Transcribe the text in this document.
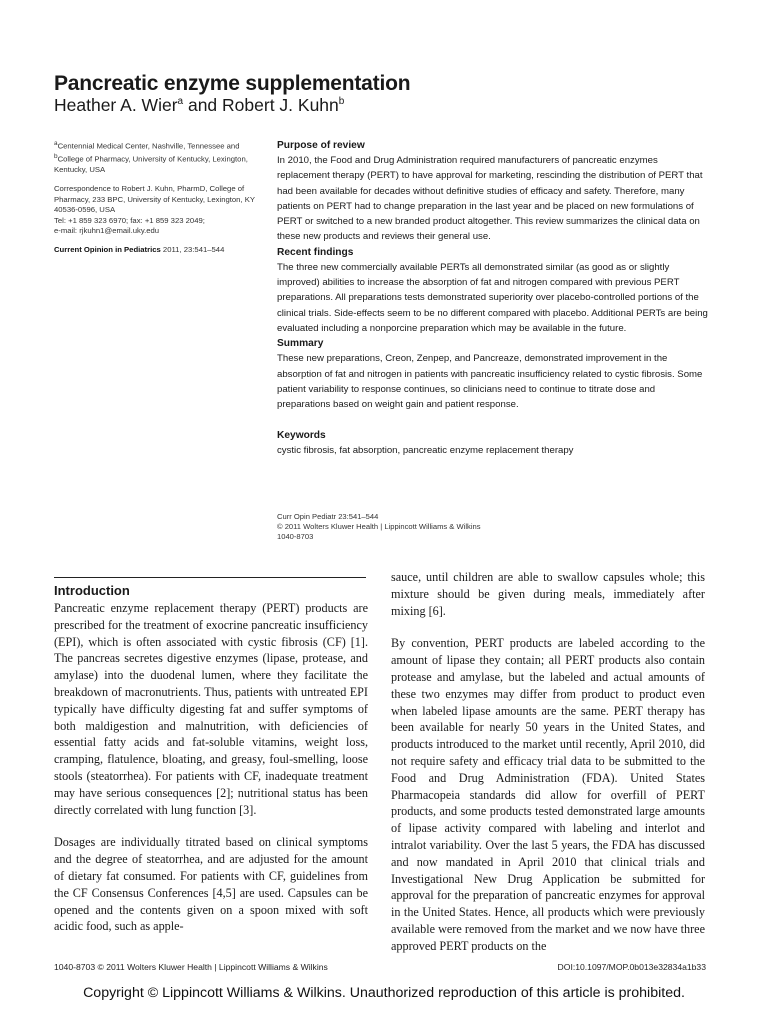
Pancreatic enzyme supplementation
Heather A. Wier$^a$ and Robert J. Kuhn$^b$
$^a$Centennial Medical Center, Nashville, Tennessee and
$^b$College of Pharmacy, University of Kentucky, Lexington, Kentucky, USA
Correspondence to Robert J. Kuhn, PharmD, College of Pharmacy, 233 BPC, University of Kentucky, Lexington, KY 40536-0596, USA
Tel: +1 859 323 6970; fax: +1 859 323 2049;
e-mail: rjkuhn1@email.uky.edu
Current Opinion in Pediatrics 2011, 23:541–544
Purpose of review

In 2010, the Food and Drug Administration required manufacturers of pancreatic enzymes replacement therapy (PERT) to have approval for marketing, rescinding the distribution of PERT that had been available for decades without definitive studies of efficacy and safety. Therefore, many patients on PERT had to change preparation in the last year and be placed on new formulations of PERT or switched to a new branded product altogether. This review summarizes the clinical data on these new products and reviews their general use.

Recent findings

The three new commercially available PERTs all demonstrated similar (as good as or slightly improved) abilities to increase the absorption of fat and nitrogen compared with previous PERT preparations. All preparations tests demonstrated superiority over placebo-controlled portions of the clinical trials. Side-effects seem to be no different compared with placebo. Additional PERTs are being evaluated including a nonporcine preparation which may be available in the future.

Summary

These new preparations, Creon, Zenpep, and Pancreaze, demonstrated improvement in the absorption of fat and nitrogen in patients with pancreatic insufficiency related to cystic fibrosis. Some patient variability to response continues, so clinicians need to continue to titrate dose and preparations based on weight gain and patient response.

Keywords

cystic fibrosis, fat absorption, pancreatic enzyme replacement therapy

Curr Opin Pediatr 23:541–544
© 2011 Wolters Kluwer Health | Lippincott Williams & Wilkins
1040-8703
Introduction

Pancreatic enzyme replacement therapy (PERT) products are prescribed for the treatment of exocrine pancreatic insufficiency (EPI), which is often associated with cystic fibrosis (CF) [1]. The pancreas secretes digestive enzymes (lipase, protease, and amylase) into the duodenal lumen, where they facilitate the breakdown of macronutrients. Thus, patients with untreated EPI typically have difficulty digesting fat and suffer symptoms of both maldigestion and malnutrition, with deficiencies of essential fatty acids and fat-soluble vitamins, weight loss, cramping, flatulence, bloating, and greasy, foul-smelling, loose stools (steatorrhea). For patients with CF, inadequate treatment may have serious consequences [2]; nutritional status has been directly correlated with lung function [3].

Dosages are individually titrated based on clinical symptoms and the degree of steatorrhea, and are adjusted for the amount of dietary fat consumed. For patients with CF, guidelines from the CF Consensus Conferences [4,5] are used. Capsules can be opened and the contents given on a spoon mixed with soft acidic food, such as apple-

sauce, until children are able to swallow capsules whole; this mixture should be given during meals, immediately after mixing [6].

By convention, PERT products are labeled according to the amount of lipase they contain; all PERT products also contain protease and amylase, but the labeled and actual amounts of these two enzymes may differ from product to product even when labeled lipase amounts are the same. PERT therapy has been available for nearly 50 years in the United States, and products introduced to the market until recently, April 2010, did not require safety and efficacy trial data to be submitted to the Food and Drug Administration (FDA). United States Pharmacopeia standards did allow for overfill of PERT products, and some products tested demonstrated large amounts of lipase activity compared with labeling and interlot and intralot variability. Over the last 5 years, the FDA has discussed and now mandated in April 2010 that clinical trials and Investigational New Drug Application be submitted for approval for the preparation of pancreatic enzymes for approval in the United States. Hence, all products which were previously available were removed from the market and we now have three approved PERT products on the

1040-8703 © 2011 Wolters Kluwer Health | Lippincott Williams & Wilkins	DOI:10.1097/MOP.0b013e32834a1b33
Copyright © Lippincott Williams & Wilkins. Unauthorized reproduction of this article is prohibited.
